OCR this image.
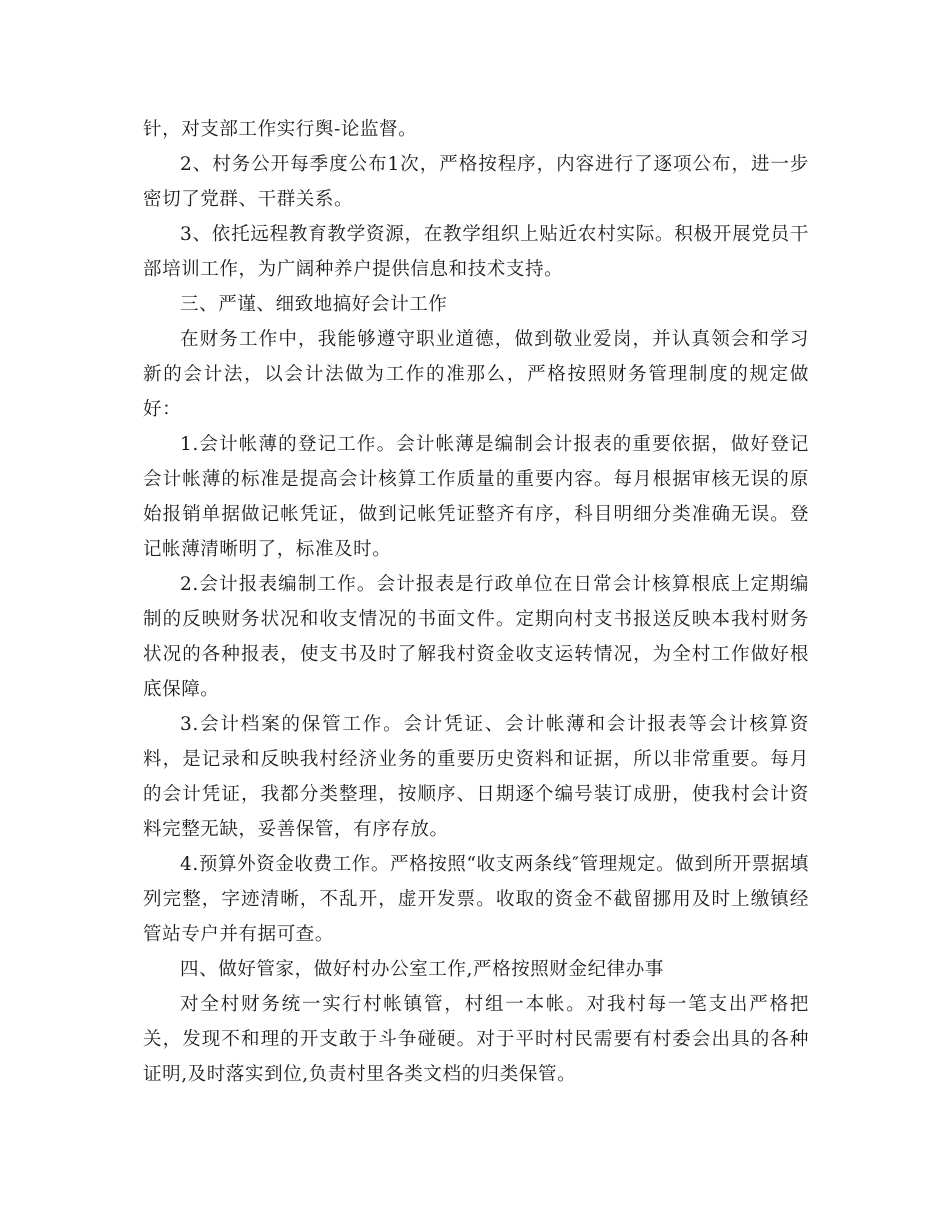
针，对支部工作实行舆-论监督。

2、村务公开每季度公布1次，严格按程序，内容进行了逐项公布，进一步密切了党群、干群关系。

3、依托远程教育教学资源，在教学组织上贴近农村实际。积极开展党员干部培训工作，为广阔种养户提供信息和技术支持。

三、严谨、细致地搞好会计工作

在财务工作中，我能够遵守职业道德，做到敬业爱岗，并认真领会和学习新的会计法，以会计法做为工作的准那么，严格按照财务管理制度的规定做好：

1.会计帐薄的登记工作。会计帐薄是编制会计报表的重要依据，做好登记会计帐薄的标准是提高会计核算工作质量的重要内容。每月根据审核无误的原始报销单据做记帐凭证，做到记帐凭证整齐有序，科目明细分类准确无误。登记帐薄清晰明了，标准及时。

2.会计报表编制工作。会计报表是行政单位在日常会计核算根底上定期编制的反映财务状况和收支情况的书面文件。定期向村支书报送反映本我村财务状况的各种报表，使支书及时了解我村资金收支运转情况，为全村工作做好根底保障。

3.会计档案的保管工作。会计凭证、会计帐薄和会计报表等会计核算资料，是记录和反映我村经济业务的重要历史资料和证据，所以非常重要。每月的会计凭证，我都分类整理，按顺序、日期逐个编号装订成册，使我村会计资料完整无缺，妥善保管，有序存放。

4.预算外资金收费工作。严格按照“收支两条线″管理规定。做到所开票据填列完整，字迹清晰，不乱开，虚开发票。收取的资金不截留挪用及时上缴镇经管站专户并有据可查。

四、做好管家，做好村办公室工作,严格按照财金纪律办事

对全村财务统一实行村帐镇管，村组一本帐。对我村每一笔支出严格把关，发现不和理的开支敢于斗争碰硬。对于平时村民需要有村委会出具的各种证明,及时落实到位,负责村里各类文档的归类保管。
